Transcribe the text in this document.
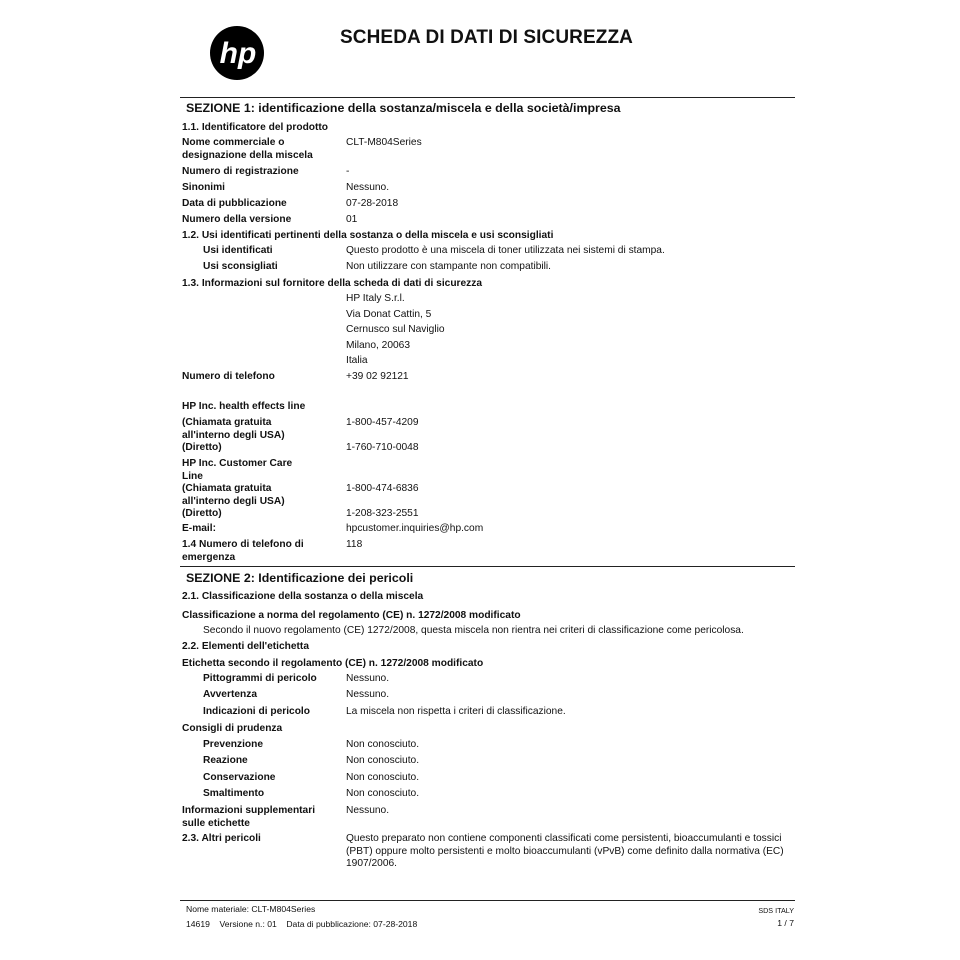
hp	SCHEDA DI DATI DI SICUREZZA
SEZIONE 1: identificazione della sostanza/miscela e della società/impresa
1.1. Identificatore del prodotto
Nome commerciale o designazione della miscela
CLT-M804Series
Numero di registrazione	-
Sinonimi	Nessuno.
Data di pubblicazione	07-28-2018
Numero della versione	01
1.2. Usi identificati pertinenti della sostanza o della miscela e usi sconsigliati
Usi identificati	Questo prodotto è una miscela di toner utilizzata nei sistemi di stampa.
Usi sconsigliati	Non utilizzare con stampante non compatibili.
1.3. Informazioni sul fornitore della scheda di dati di sicurezza
HP Italy S.r.l.
Via Donat Cattin, 5
Cernusco sul Naviglio
Milano, 20063
Italia
Numero di telefono	+39 02 92121
HP Inc. health effects line
(Chiamata gratuita all'interno degli USA)
1-800-457-4209
(Diretto)	1-760-710-0048
HP Inc. Customer Care Line
(Chiamata gratuita all'interno degli USA)
1-800-474-6836
(Diretto)	1-208-323-2551
E-mail:	hpcustomer.inquiries@hp.com
1.4 Numero di telefono di emergenza
118
SEZIONE 2: Identificazione dei pericoli
2.1. Classificazione della sostanza o della miscela
Classificazione a norma del regolamento (CE) n. 1272/2008 modificato
Secondo il nuovo regolamento (CE) 1272/2008, questa miscela non rientra nei criteri di classificazione come pericolosa.
2.2. Elementi dell'etichetta
Etichetta secondo il regolamento (CE) n. 1272/2008 modificato
Pittogrammi di pericolo	Nessuno.
Avvertenza	Nessuno.
Indicazioni di pericolo	La miscela non rispetta i criteri di classificazione.
Consigli di prudenza
Prevenzione	Non conosciuto.
Reazione	Non conosciuto.
Conservazione	Non conosciuto.
Smaltimento	Non conosciuto.
Informazioni supplementari sulle etichette
Nessuno.
2.3. Altri pericoli	Questo preparato non contiene componenti classificati come persistenti, bioaccumulanti e tossici (PBT) oppure molto persistenti e molto bioaccumulanti (vPvB) come definito dalla normativa (EC) 1907/2006.
Nome materiale: CLT-M804Series
14619    Versione n.: 01    Data di pubblicazione: 07-28-2018
SDS ITALY
1 / 7
